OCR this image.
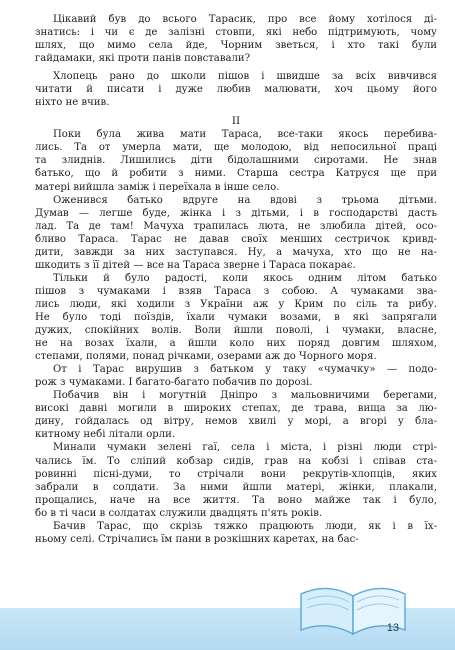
Цікавий був до всього Тарасик, про все йому хотілося ді-
знатись: і чи є де залізні стовпи, які небо підтримують, чому
шлях, що мимо села йде, Чорним зветься, і хто такі були
гайдамаки, які проти панів повставали?
Хлопець рано до школи пішов і швидше за всіх вивчився
читати й писати і дуже любив малювати, хоч цьому його
ніхто не вчив.
II
Поки була жива мати Тараса, все-таки якось перебива-
лись. Та от умерла мати, ще молодою, від непосильної праці
та злиднів. Лишились діти бідолашними сиротами. Не знав
батько, що й робити з ними. Старша сестра Катруся ще при
матері вийшла заміж і переїхала в інше село.
Оженився батько вдруге на вдові з трьома дітьми.
Думав — легше буде, жінка і з дітьми, і в господарстві дасть
лад. Та де там! Мачуха трапилась люта, не злюбила дітей, осо-
бливо Тараса. Тарас не давав своїх менших сестричок кривд-
дити, завжди за них заступався. Ну, а мачуха, хто що не на-
шкодить з її дітей — все на Тараса зверне і Тараса покарає.
Тільки й було радості, коли якось одним літом батько
пішов з чумаками і взяв Тараса з собою. А чумаками зва-
лись люди, які ходили з України аж у Крим по сіль та рибу.
Не було тоді поїздів, їхали чумаки возами, в які запрягали
дужих, спокійних волів. Воли йшли поволі, і чумаки, власне,
не на возах їхали, а йшли коло них поряд довгим шляхом,
степами, полями, понад річками, озерами аж до Чорного моря.
От і Тарас вирушив з батьком у таку «чумачку» — подо-
рож з чумаками. І багато-багато побачив по дорозі.
Побачив він і могутній Дніпро з мальовничими берегами,
високі давні могили в широких степах, де трава, вища за лю-
дину, гойдалась од вітру, немов хвилі у морі, а вгорі у бла-
китному небі літали орли.
Минали чумаки зелені гаї, села і міста, і різні люди стрі-
чались їм. То сліпий кобзар сидів, грав на кобзі і співав ста-
ровинні пісні-думи, то стрічали вони рекрутів-хлопців, яких
забрали в солдати. За ними йшли матері, жінки, плакали,
прощались, наче на все життя. Та воно майже так і було,
бо в ті часи в солдатах служили двадцять п'ять років.
Бачив Тарас, що скрізь тяжко працюють люди, як і в їх-
ньому селі. Стрічались їм пани в розкішних каретах, на бас-
13
